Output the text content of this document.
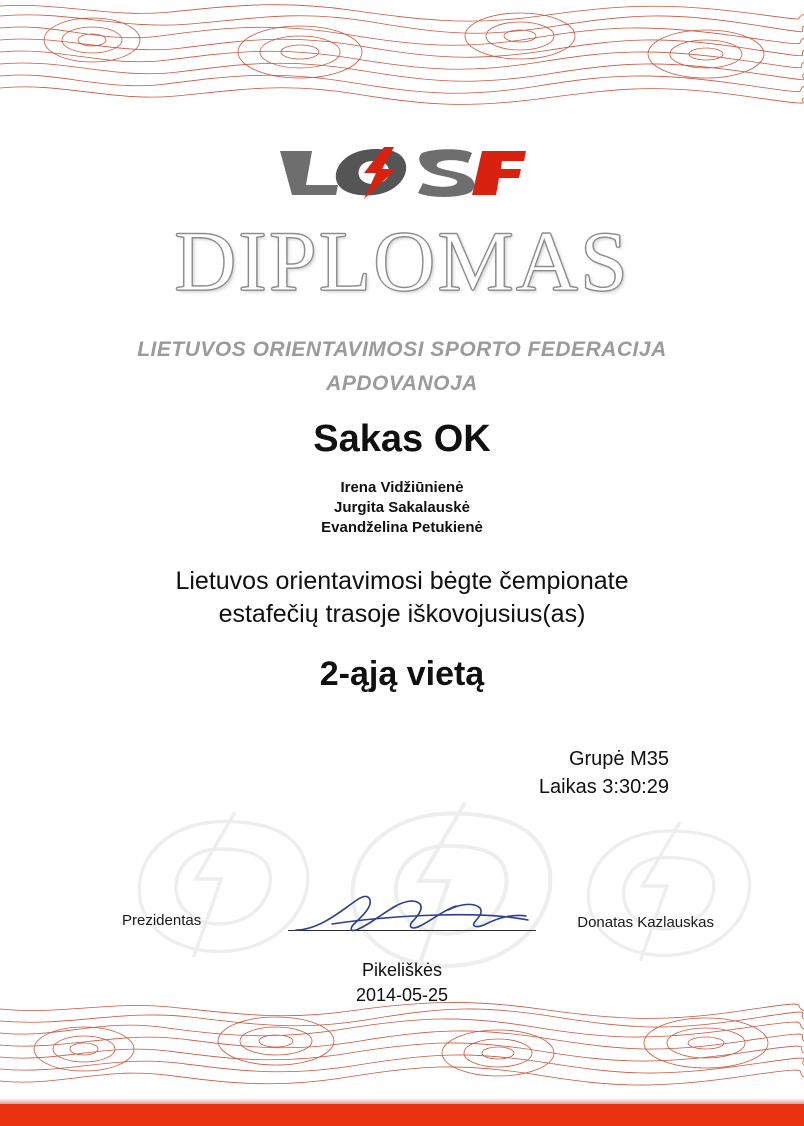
DIPLOMAS
LIETUVOS ORIENTAVIMOSI SPORTO FEDERACIJA
APDOVANOJA
Sakas OK
Irena Vidžiūnienė
Jurgita Sakalauskė
Evandželina Petukienė
Lietuvos orientavimosi bėgte čempionate
estafečių trasoje iškovojusius(as)
2-ąją vietą
Grupė M35
Laikas 3:30:29
Prezidentas	Donatas Kazlauskas
Pikeliškės
2014-05-25
